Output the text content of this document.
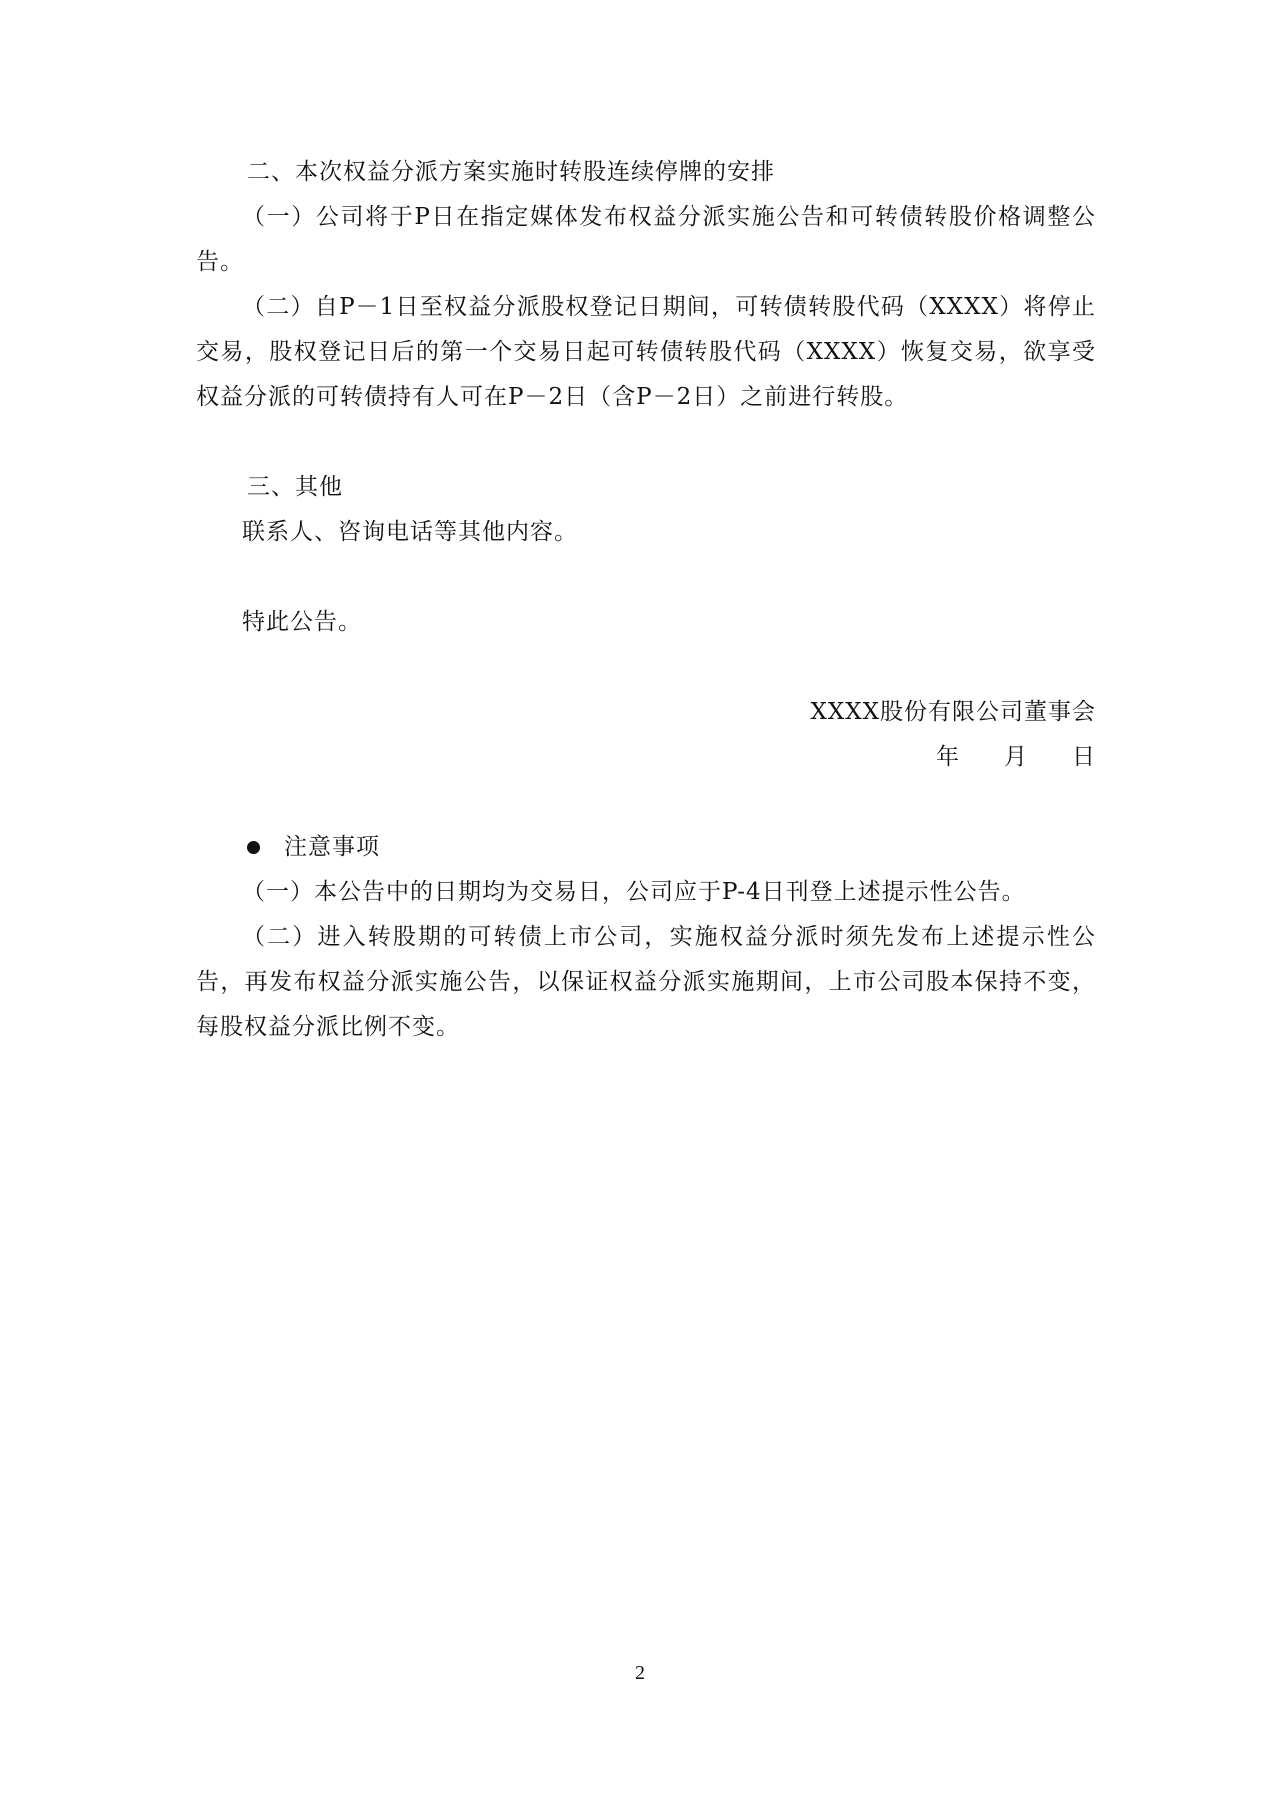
二、本次权益分派方案实施时转股连续停牌的安排

（一）公司将于P日在指定媒体发布权益分派实施公告和可转债转股价格调整公告。

（二）自P－1日至权益分派股权登记日期间，可转债转股代码（XXXX）将停止交易，股权登记日后的第一个交易日起可转债转股代码（XXXX）恢复交易，欲享受权益分派的可转债持有人可在P－2日（含P－2日）之前进行转股。

三、其他

联系人、咨询电话等其他内容。

特此公告。

XXXX股份有限公司董事会

年 月 日

注意事项

（一）本公告中的日期均为交易日，公司应于P-4日刊登上述提示性公告。

（二）进入转股期的可转债上市公司，实施权益分派时须先发布上述提示性公告，再发布权益分派实施公告，以保证权益分派实施期间，上市公司股本保持不变，每股权益分派比例不变。

2
